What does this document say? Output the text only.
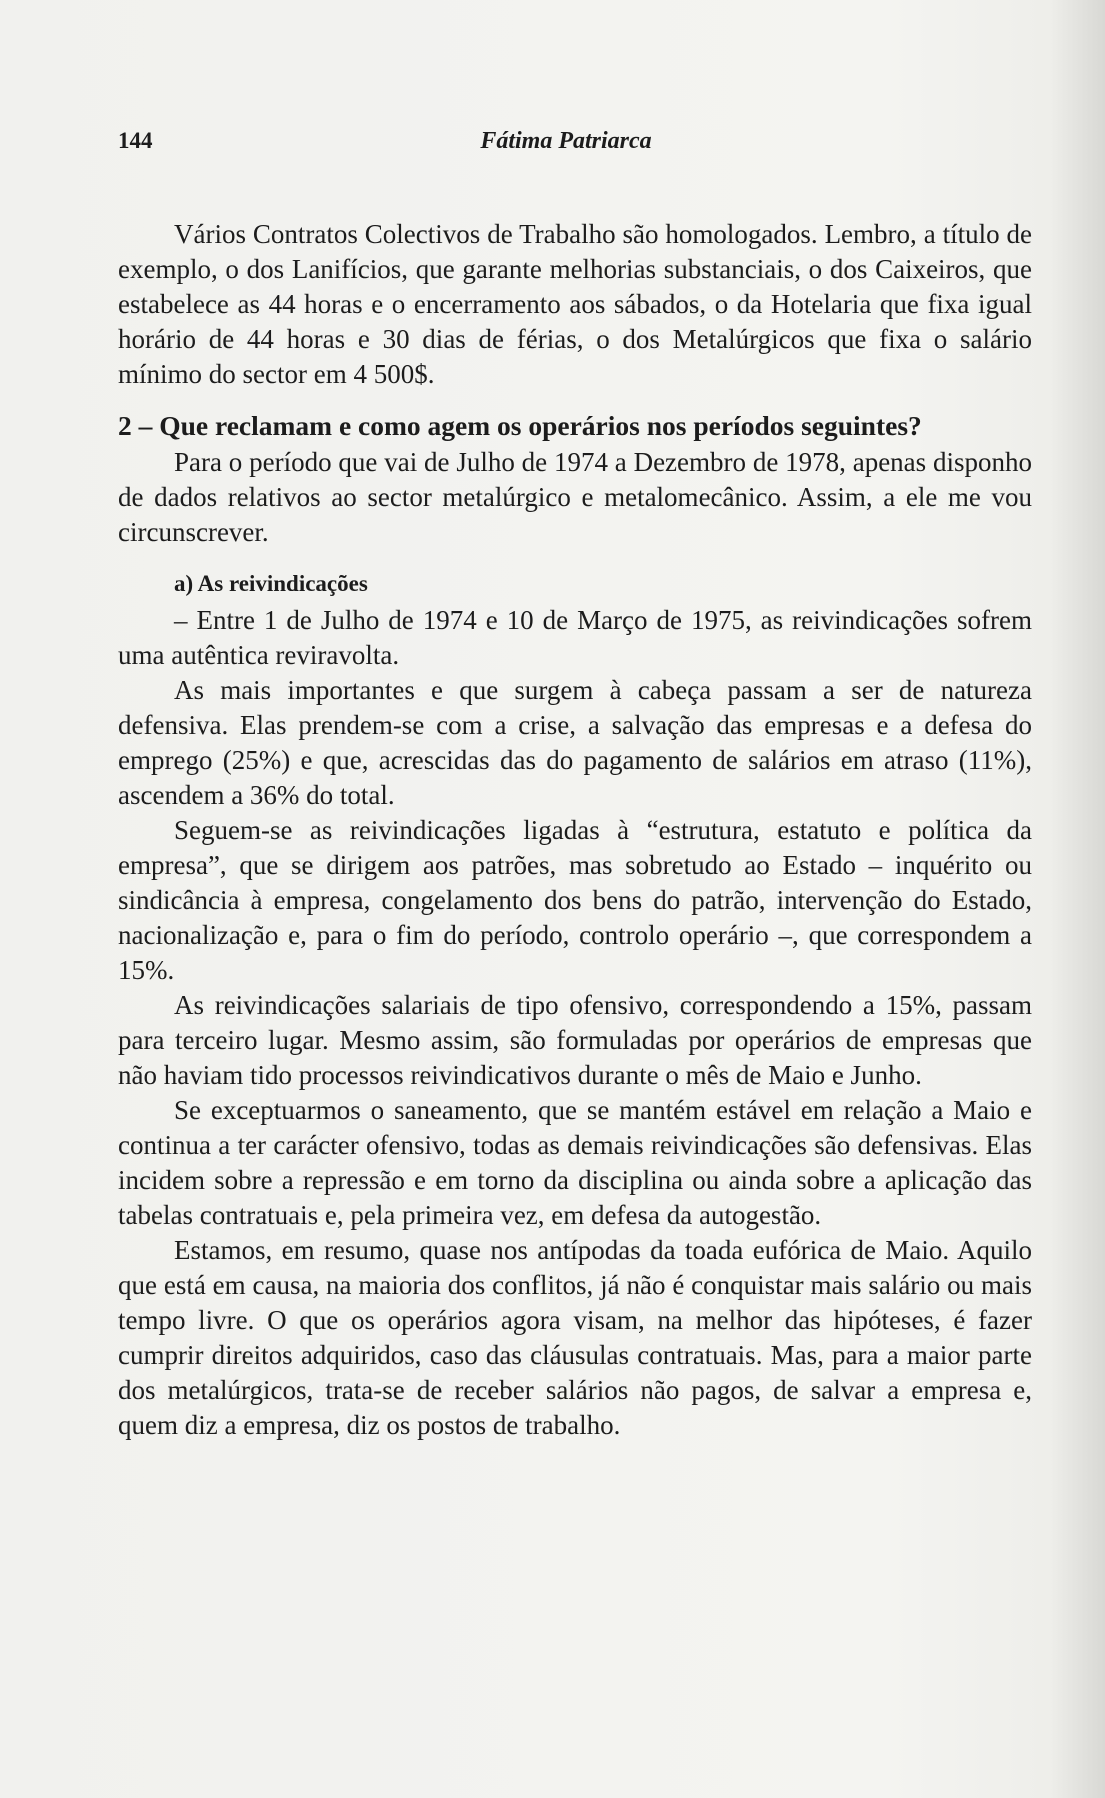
144	Fátima Patriarca

Vários Contratos Colectivos de Trabalho são homologados. Lembro, a título de exemplo, o dos Lanifícios, que garante melhorias substanciais, o dos Caixeiros, que estabelece as 44 horas e o encerramento aos sábados, o da Hotelaria que fixa igual horário de 44 horas e 30 dias de férias, o dos Metalúrgicos que fixa o salário mínimo do sector em 4 500$.

2 – Que reclamam e como agem os operários nos períodos seguintes?

Para o período que vai de Julho de 1974 a Dezembro de 1978, apenas disponho de dados relativos ao sector metalúrgico e metalomecânico. Assim, a ele me vou circunscrever.

a) As reivindicações

– Entre 1 de Julho de 1974 e 10 de Março de 1975, as reivindicações sofrem uma autêntica reviravolta.

As mais importantes e que surgem à cabeça passam a ser de natureza defensiva. Elas prendem-se com a crise, a salvação das empresas e a defesa do emprego (25%) e que, acrescidas das do pagamento de salários em atraso (11%), ascendem a 36% do total.

Seguem-se as reivindicações ligadas à “estrutura, estatuto e política da empresa”, que se dirigem aos patrões, mas sobretudo ao Estado – inquérito ou sindicância à empresa, congelamento dos bens do patrão, intervenção do Estado, nacionalização e, para o fim do período, controlo operário –, que correspondem a 15%.

As reivindicações salariais de tipo ofensivo, correspondendo a 15%, passam para terceiro lugar. Mesmo assim, são formuladas por operários de empresas que não haviam tido processos reivindicativos durante o mês de Maio e Junho.

Se exceptuarmos o saneamento, que se mantém estável em relação a Maio e continua a ter carácter ofensivo, todas as demais reivindicações são defensivas. Elas incidem sobre a repressão e em torno da disciplina ou ainda sobre a aplicação das tabelas contratuais e, pela primeira vez, em defesa da autogestão.

Estamos, em resumo, quase nos antípodas da toada eufórica de Maio. Aquilo que está em causa, na maioria dos conflitos, já não é conquistar mais salário ou mais tempo livre. O que os operários agora visam, na melhor das hipóteses, é fazer cumprir direitos adquiridos, caso das cláusulas contratuais. Mas, para a maior parte dos metalúrgicos, trata-se de receber salários não pagos, de salvar a empresa e, quem diz a empresa, diz os postos de trabalho.
